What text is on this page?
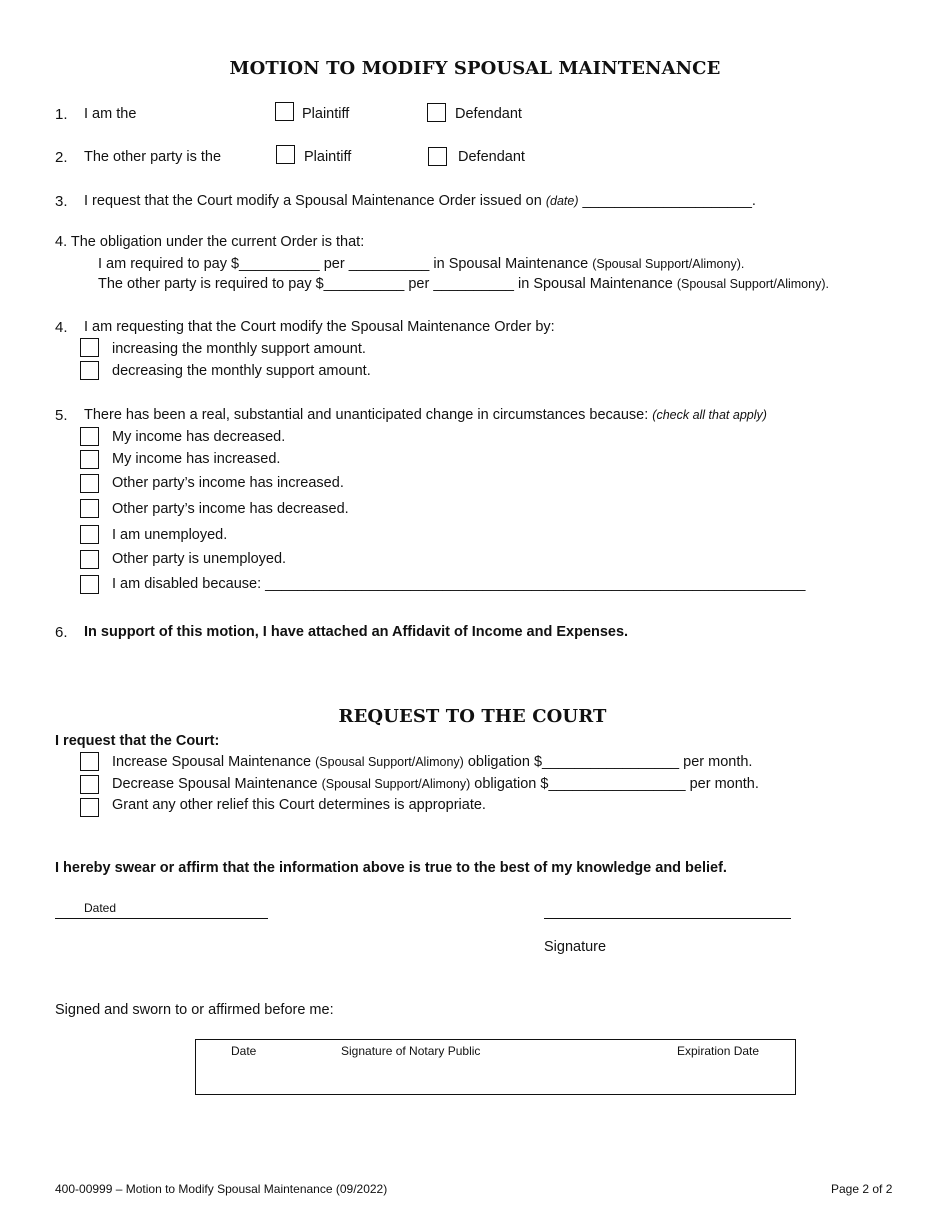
MOTION TO MODIFY SPOUSAL MAINTENANCE
1. I am the	Plaintiff	Defendant
2. The other party is the	Plaintiff	Defendant
3. I request that the Court modify a Spousal Maintenance Order issued on (date) _____________________.
4. The obligation under the current Order is that:
I am required to pay $__________ per __________ in Spousal Maintenance (Spousal Support/Alimony).
The other party is required to pay $__________ per __________ in Spousal Maintenance (Spousal Support/Alimony).
4. I am requesting that the Court modify the Spousal Maintenance Order by:
increasing the monthly support amount.
decreasing the monthly support amount.
5. There has been a real, substantial and unanticipated change in circumstances because: (check all that apply)
My income has decreased.
My income has increased.
Other party’s income has increased.
Other party’s income has decreased.
I am unemployed.
Other party is unemployed.
I am disabled because: ___________________________________________________________________
6. In support of this motion, I have attached an Affidavit of Income and Expenses.
REQUEST TO THE COURT
I request that the Court:
Increase Spousal Maintenance (Spousal Support/Alimony) obligation $_________________ per month.
Decrease Spousal Maintenance (Spousal Support/Alimony) obligation $_________________ per month.
Grant any other relief this Court determines is appropriate.
I hereby swear or affirm that the information above is true to the best of my knowledge and belief.
Dated
Signature
Signed and sworn to or affirmed before me:
Date	Signature of Notary Public	Expiration Date
400-00999 – Motion to Modify Spousal Maintenance (09/2022)	Page 2 of 2
